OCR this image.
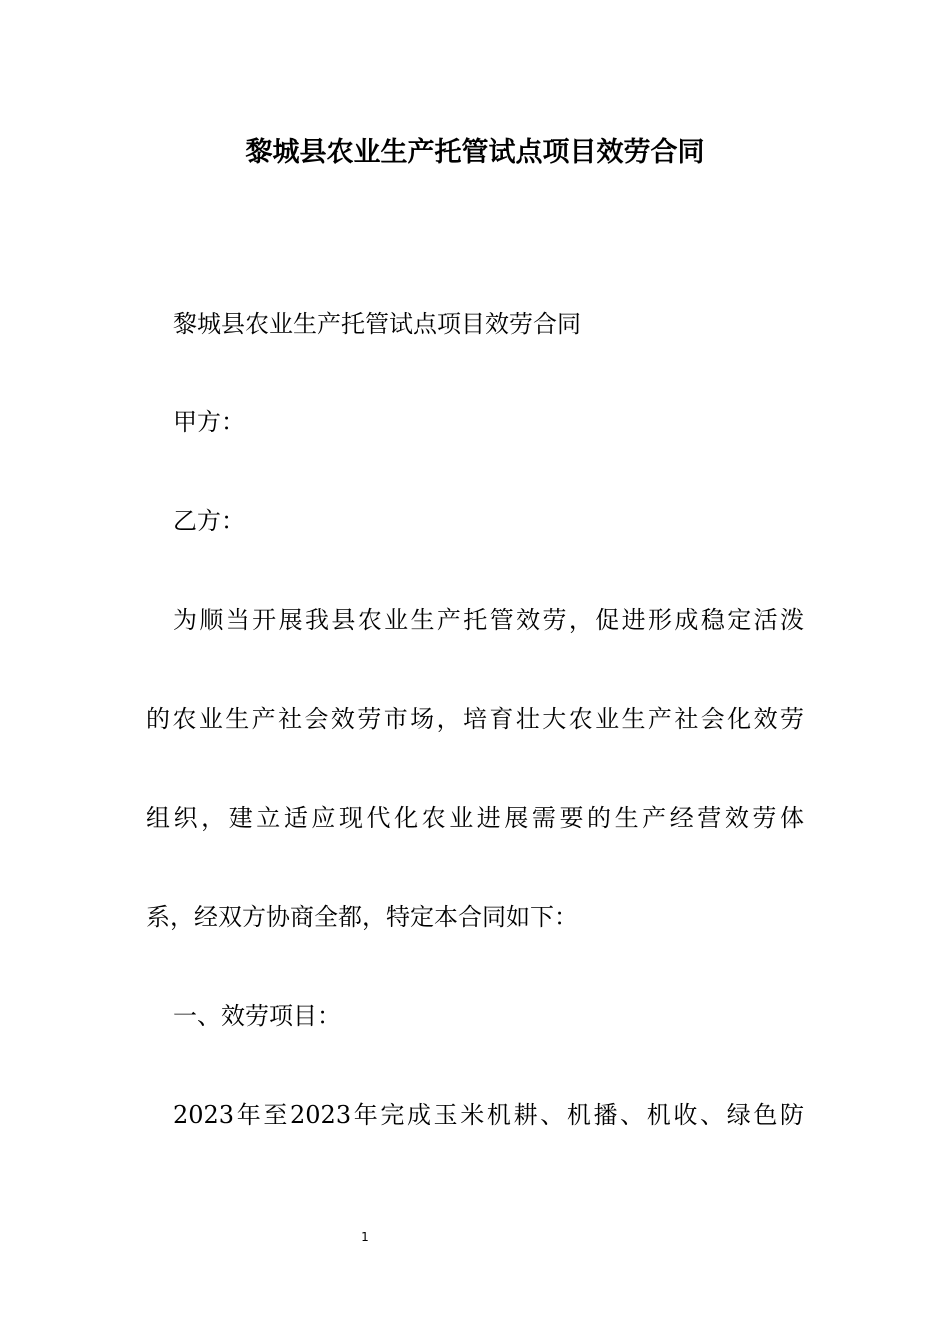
黎城县农业生产托管试点项目效劳合同
黎城县农业生产托管试点项目效劳合同
甲方：
乙方：
为顺当开展我县农业生产托管效劳，促进形成稳定活泼
的农业生产社会效劳市场，培育壮大农业生产社会化效劳
组织，建立适应现代化农业进展需要的生产经营效劳体
系，经双方协商全都，特定本合同如下：
一、效劳项目：
2023年至2023年完成玉米机耕、机播、机收、绿色防
1
